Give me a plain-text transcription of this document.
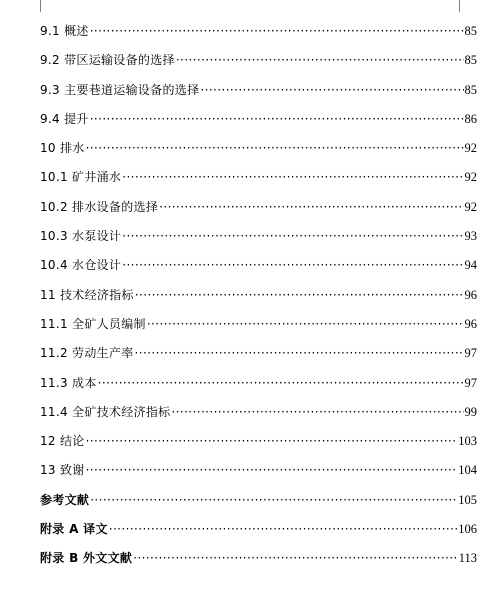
9.1 概述 ·····	85
9.2 带区运输设备的选择 ·····	85
9.3 主要巷道运输设备的选择 ·····	85
9.4 提升 ·····	86
10 排水 ·····	92
10.1 矿井涌水 ·····	92
10.2 排水设备的选择 ·····	92
10.3 水泵设计 ·····	93
10.4 水仓设计 ·····	94
11 技术经济指标 ·····	96
11.1 全矿人员编制 ·····	96
11.2 劳动生产率 ·····	97
11.3 成本 ·····	97
11.4 全矿技术经济指标 ·····	99
12 结论 ·····	103
13 致谢 ·····	104
参考文献 ·····	105
附录 A 译文 ·····	106
附录 B 外文文献 ·····	113
